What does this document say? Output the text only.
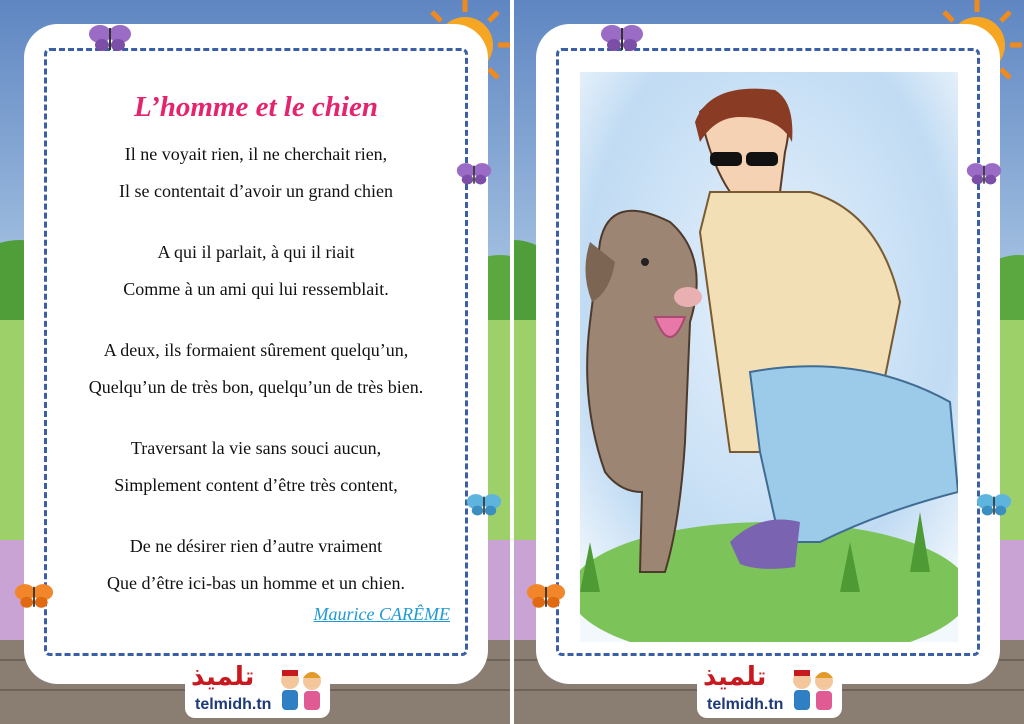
L’homme et le chien
Il ne voyait rien, il ne cherchait rien,
Il se contentait d’avoir un grand chien
A qui il parlait, à qui il riait
Comme à un ami qui lui ressemblait.
A deux, ils formaient sûrement quelqu’un,
Quelqu’un de très bon, quelqu’un de très bien.
Traversant la vie sans souci aucun,
Simplement content d’être très content,
De ne désirer rien d’autre vraiment
Que d’être ici-bas un homme et un chien.
Maurice CARÊME
تلميذ
telmidh.tn
تلميذ
telmidh.tn
